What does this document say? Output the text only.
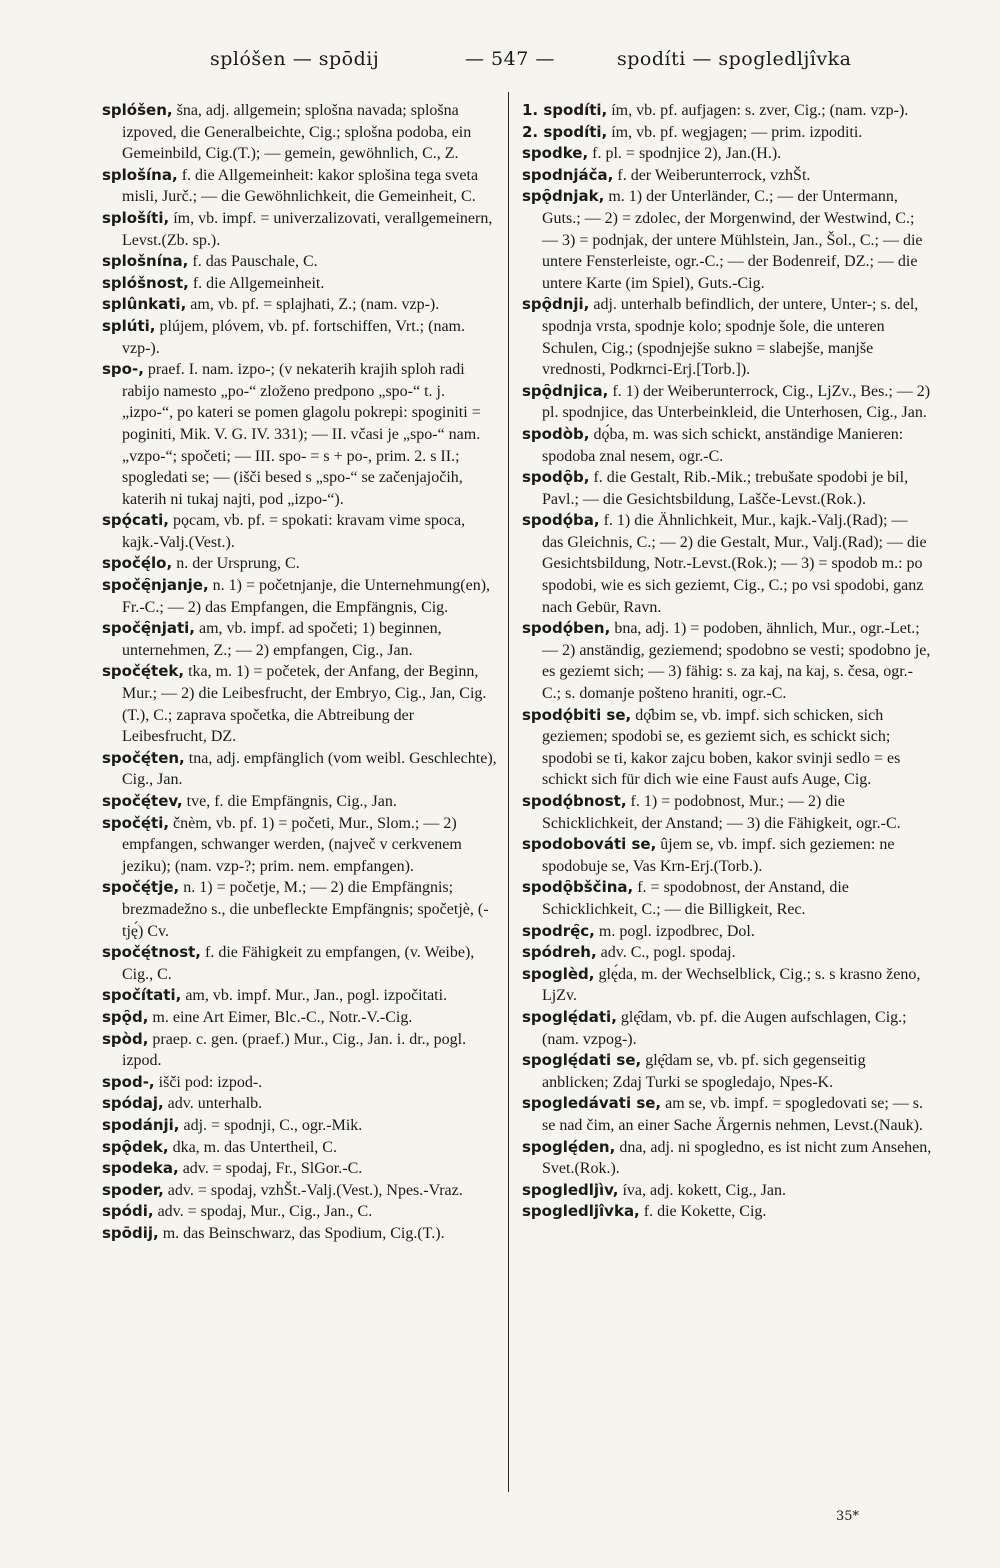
splóšen — spōdij	— 547 —	spodíti — spogledljîvka

splóšen, šna, adj. allgemein; splošna navada; splošna izpoved, die Generalbeichte, Cig.; splošna podoba, ein Gemeinbild, Cig.(T.); — gemein, gewöhnlich, C., Z.

splošína, f. die Allgemeinheit: kakor splošina tega sveta misli, Jurč.; — die Gewöhnlichkeit, die Gemeinheit, C.

splošíti, ím, vb. impf. = univerzalizovati, verallgemeinern, Levst.(Zb. sp.).

splošnína, f. das Pauschale, C.

splóšnost, f. die Allgemeinheit.

splûnkati, am, vb. pf. = splajhati, Z.; (nam. vzp-).

splúti, plújem, plóvem, vb. pf. fortschiffen, Vrt.; (nam. vzp-).

spo-, praef. I. nam. izpo-; (v nekaterih krajih sploh radi rabijo namesto „po-“ zloženo predpono „spo-“ t. j. „izpo-“, po kateri se pomen glagolu pokrepi: spoginiti = poginiti, Mik. V. G. IV. 331); — II. včasi je „spo-“ nam. „vzpo-“; spočeti; — III. spo- = s + po-, prim. 2. s II.; spogledati se; — (išči besed s „spo-“ se začenjajočih, katerih ni tukaj najti, pod „izpo-“).

spǫ́cati, pǫcam, vb. pf. = spokati: kravam vime spoca, kajk.-Valj.(Vest.).

spočę́lo, n. der Ursprung, C.

spočę̑njanje, n. 1) = početnjanje, die Unternehmung(en), Fr.-C.; — 2) das Empfangen, die Empfängnis, Cig.

spočę̑njati, am, vb. impf. ad spočeti; 1) beginnen, unternehmen, Z.; — 2) empfangen, Cig., Jan.

spočę́tek, tka, m. 1) = početek, der Anfang, der Beginn, Mur.; — 2) die Leibesfrucht, der Embryo, Cig., Jan, Cig.(T.), C.; zaprava spočetka, die Abtreibung der Leibesfrucht, DZ.

spočę́ten, tna, adj. empfänglich (vom weibl. Geschlechte), Cig., Jan.

spočę́tev, tve, f. die Empfängnis, Cig., Jan.

spočę́ti, čnèm, vb. pf. 1) = početi, Mur., Slom.; — 2) empfangen, schwanger werden, (največ v cerkvenem jeziku); (nam. vzp-?; prim. nem. empfangen).

spočę́tje, n. 1) = početje, M.; — 2) die Empfängnis; brezmadežno s., die unbefleckte Empfängnis; spočetjè, (-tję́) Cv.

spočę́tnost, f. die Fähigkeit zu empfangen, (v. Weibe), Cig., C.

spočítati, am, vb. impf. Mur., Jan., pogl. izpočitati.

spǫ̑d, m. eine Art Eimer, Blc.-C., Notr.-V.-Cig.

spòd, praep. c. gen. (praef.) Mur., Cig., Jan. i. dr., pogl. izpod.

spod-, išči pod: izpod-.

spódaj, adv. unterhalb.

spodánji, adj. = spodnji, C., ogr.-Mik.

spǫ̑dek, dka, m. das Untertheil, C.

spodeka, adv. = spodaj, Fr., SlGor.-C.

spoder, adv. = spodaj, vzhŠt.-Valj.(Vest.), Npes.-Vraz.

spódi, adv. = spodaj, Mur., Cig., Jan., C.

spōdij, m. das Beinschwarz, das Spodium, Cig.(T.).

1. spodíti, ím, vb. pf. aufjagen: s. zver, Cig.; (nam. vzp-).

2. spodíti, ím, vb. pf. wegjagen; — prim. izpoditi.

spodke, f. pl. = spodnjice 2), Jan.(H.).

spodnjáča, f. der Weiberunterrock, vzhŠt.

spǫ̑dnjak, m. 1) der Unterländer, C.; — der Untermann, Guts.; — 2) = zdolec, der Morgenwind, der Westwind, C.; — 3) = podnjak, der untere Mühlstein, Jan., Šol., C.; — die untere Fensterleiste, ogr.-C.; — der Bodenreif, DZ.; — die untere Karte (im Spiel), Guts.-Cig.

spǫ̑dnji, adj. unterhalb befindlich, der untere, Unter-; s. del, spodnja vrsta, spodnje kolo; spodnje šole, die unteren Schulen, Cig.; (spodnjejše sukno = slabejše, manjše vrednosti, Podkrnci-Erj.[Torb.]).

spǫ̑dnjica, f. 1) der Weiberunterrock, Cig., LjZv., Bes.; — 2) pl. spodnjice, das Unterbeinkleid, die Unterhosen, Cig., Jan.

spodòb, dǫ́ba, m. was sich schickt, anständige Manieren: spodoba znal nesem, ogr.-C.

spodǫ̑b, f. die Gestalt, Rib.-Mik.; trebušate spodobi je bil, Pavl.; — die Gesichtsbildung, Lašče-Levst.(Rok.).

spodǫ́ba, f. 1) die Ähnlichkeit, Mur., kajk.-Valj.(Rad); — das Gleichnis, C.; — 2) die Gestalt, Mur., Valj.(Rad); — die Gesichtsbildung, Notr.-Levst.(Rok.); — 3) = spodob m.: po spodobi, wie es sich geziemt, Cig., C.; po vsi spodobi, ganz nach Gebür, Ravn.

spodǫ́ben, bna, adj. 1) = podoben, ähnlich, Mur., ogr.-Let.; — 2) anständig, geziemend; spodobno se vesti; spodobno je, es geziemt sich; — 3) fähig: s. za kaj, na kaj, s. česa, ogr.-C.; s. domanje pošteno hraniti, ogr.-C.

spodǫ́biti se, dǫ̑bim se, vb. impf. sich schicken, sich geziemen; spodobi se, es geziemt sich, es schickt sich; spodobi se ti, kakor zajcu boben, kakor svinji sedlo = es schickt sich für dich wie eine Faust aufs Auge, Cig.

spodǫ́bnost, f. 1) = podobnost, Mur.; — 2) die Schicklichkeit, der Anstand; — 3) die Fähigkeit, ogr.-C.

spodobováti se, ûjem se, vb. impf. sich geziemen: ne spodobuje se, Vas Krn-Erj.(Torb.).

spodǫ̑bščina, f. = spodobnost, der Anstand, die Schicklichkeit, C.; — die Billigkeit, Rec.

spodrę̑c, m. pogl. izpodbrec, Dol.

spódreh, adv. C., pogl. spodaj.

spoglèd, glę́da, m. der Wechselblick, Cig.; s. s krasno ženo, LjZv.

spoglę́dati, glę̑dam, vb. pf. die Augen aufschlagen, Cig.; (nam. vzpog-).

spoglę́dati se, glę̑dam se, vb. pf. sich gegenseitig anblicken; Zdaj Turki se spogledajo, Npes-K.

spogledávati se, am se, vb. impf. = spogledovati se; — s. se nad čim, an einer Sache Ärgernis nehmen, Levst.(Nauk).

spoglę́den, dna, adj. ni spogledno, es ist nicht zum Ansehen, Svet.(Rok.).

spogledljìv, íva, adj. kokett, Cig., Jan.

spogledljîvka, f. die Kokette, Cig.

35*
